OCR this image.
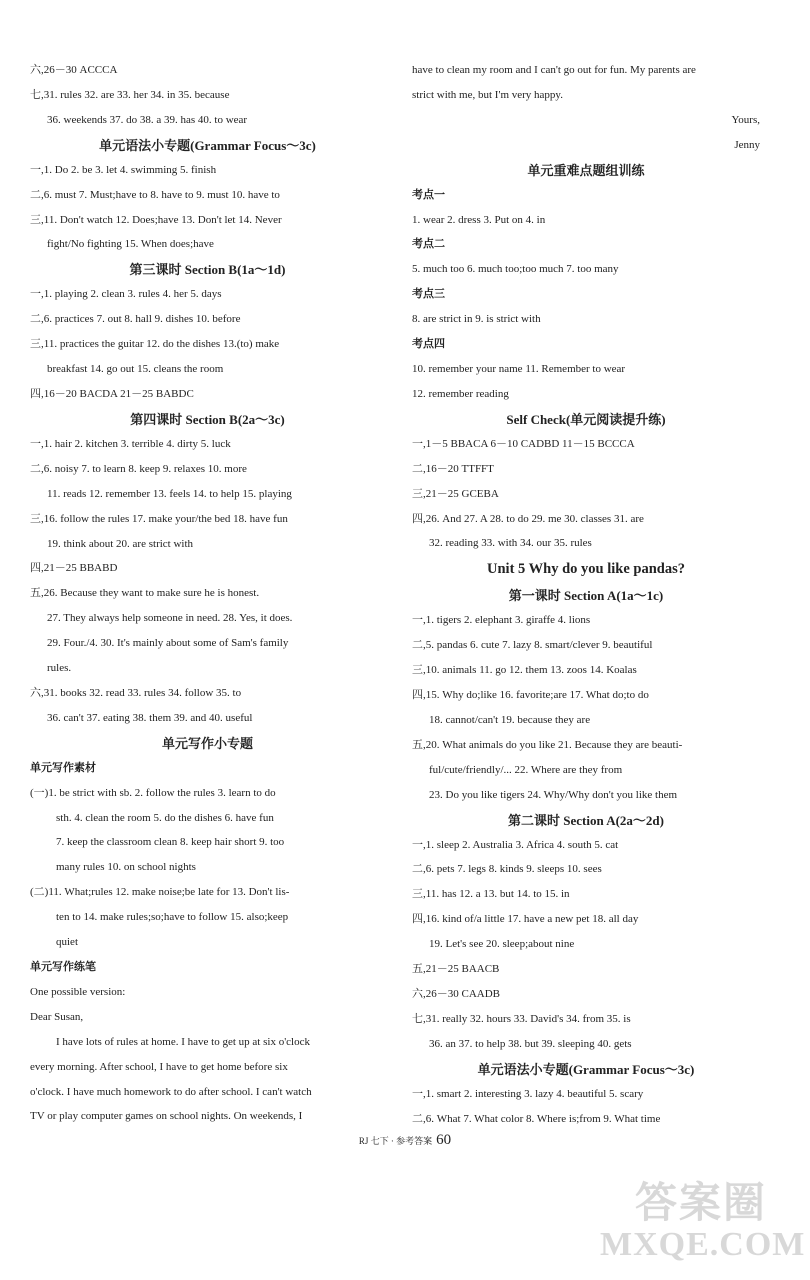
六,26－30 ACCCA
七,31. rules 32. are 33. her 34. in 35. because
36. weekends 37. do 38. a 39. has 40. to wear
单元语法小专题(Grammar Focus～3c)
一,1. Do 2. be 3. let 4. swimming 5. finish
二,6. must 7. Must;have to 8. have to 9. must 10. have to
三,11. Don't watch 12. Does;have 13. Don't let 14. Never
fight/No fighting 15. When does;have
第三课时 Section B(1a～1d)
一,1. playing 2. clean 3. rules 4. her 5. days
二,6. practices 7. out 8. hall 9. dishes 10. before
三,11. practices the guitar 12. do the dishes 13.(to) make
breakfast 14. go out 15. cleans the room
四,16－20 BACDA 21－25 BABDC
第四课时 Section B(2a～3c)
一,1. hair 2. kitchen 3. terrible 4. dirty 5. luck
二,6. noisy 7. to learn 8. keep 9. relaxes 10. more
11. reads 12. remember 13. feels 14. to help 15. playing
三,16. follow the rules 17. make your/the bed 18. have fun
19. think about 20. are strict with
四,21－25 BBABD
五,26. Because they want to make sure he is honest.
27. They always help someone in need. 28. Yes, it does.
29. Four./4. 30. It's mainly about some of Sam's family
rules.
六,31. books 32. read 33. rules 34. follow 35. to
36. can't 37. eating 38. them 39. and 40. useful
单元写作小专题
单元写作素材
(一)1. be strict with sb. 2. follow the rules 3. learn to do
sth. 4. clean the room 5. do the dishes 6. have fun
7. keep the classroom clean 8. keep hair short 9. too
many rules 10. on school nights
(二)11. What;rules 12. make noise;be late for 13. Don't lis-
ten to 14. make rules;so;have to follow 15. also;keep
quiet
单元写作练笔
One possible version:
Dear Susan,
I have lots of rules at home. I have to get up at six o'clock
every morning. After school, I have to get home before six
o'clock. I have much homework to do after school. I can't watch
TV or play computer games on school nights. On weekends, I
have to clean my room and I can't go out for fun. My parents are
strict with me, but I'm very happy.
Yours,
Jenny
单元重难点题组训练
考点一
1. wear 2. dress 3. Put on 4. in
考点二
5. much too 6. much too;too much 7. too many
考点三
8. are strict in 9. is strict with
考点四
10. remember your name 11. Remember to wear
12. remember reading
Self Check(单元阅读提升练)
一,1－5 BBACA 6－10 CADBD 11－15 BCCCA
二,16－20 TTFFT
三,21－25 GCEBA
四,26. And 27. A 28. to do 29. me 30. classes 31. are
32. reading 33. with 34. our 35. rules
Unit 5 Why do you like pandas?
第一课时 Section A(1a～1c)
一,1. tigers 2. elephant 3. giraffe 4. lions
二,5. pandas 6. cute 7. lazy 8. smart/clever 9. beautiful
三,10. animals 11. go 12. them 13. zoos 14. Koalas
四,15. Why do;like 16. favorite;are 17. What do;to do
18. cannot/can't 19. because they are
五,20. What animals do you like 21. Because they are beauti-
ful/cute/friendly/... 22. Where are they from
23. Do you like tigers 24. Why/Why don't you like them
第二课时 Section A(2a～2d)
一,1. sleep 2. Australia 3. Africa 4. south 5. cat
二,6. pets 7. legs 8. kinds 9. sleeps 10. sees
三,11. has 12. a 13. but 14. to 15. in
四,16. kind of/a little 17. have a new pet 18. all day
19. Let's see 20. sleep;about nine
五,21－25 BAACB
六,26－30 CAADB
七,31. really 32. hours 33. David's 34. from 35. is
36. an 37. to help 38. but 39. sleeping 40. gets
单元语法小专题(Grammar Focus～3c)
一,1. smart 2. interesting 3. lazy 4. beautiful 5. scary
二,6. What 7. What color 8. Where is;from 9. What time
RJ 七下 · 参考答案 60
答案圈
MXQE.COM
